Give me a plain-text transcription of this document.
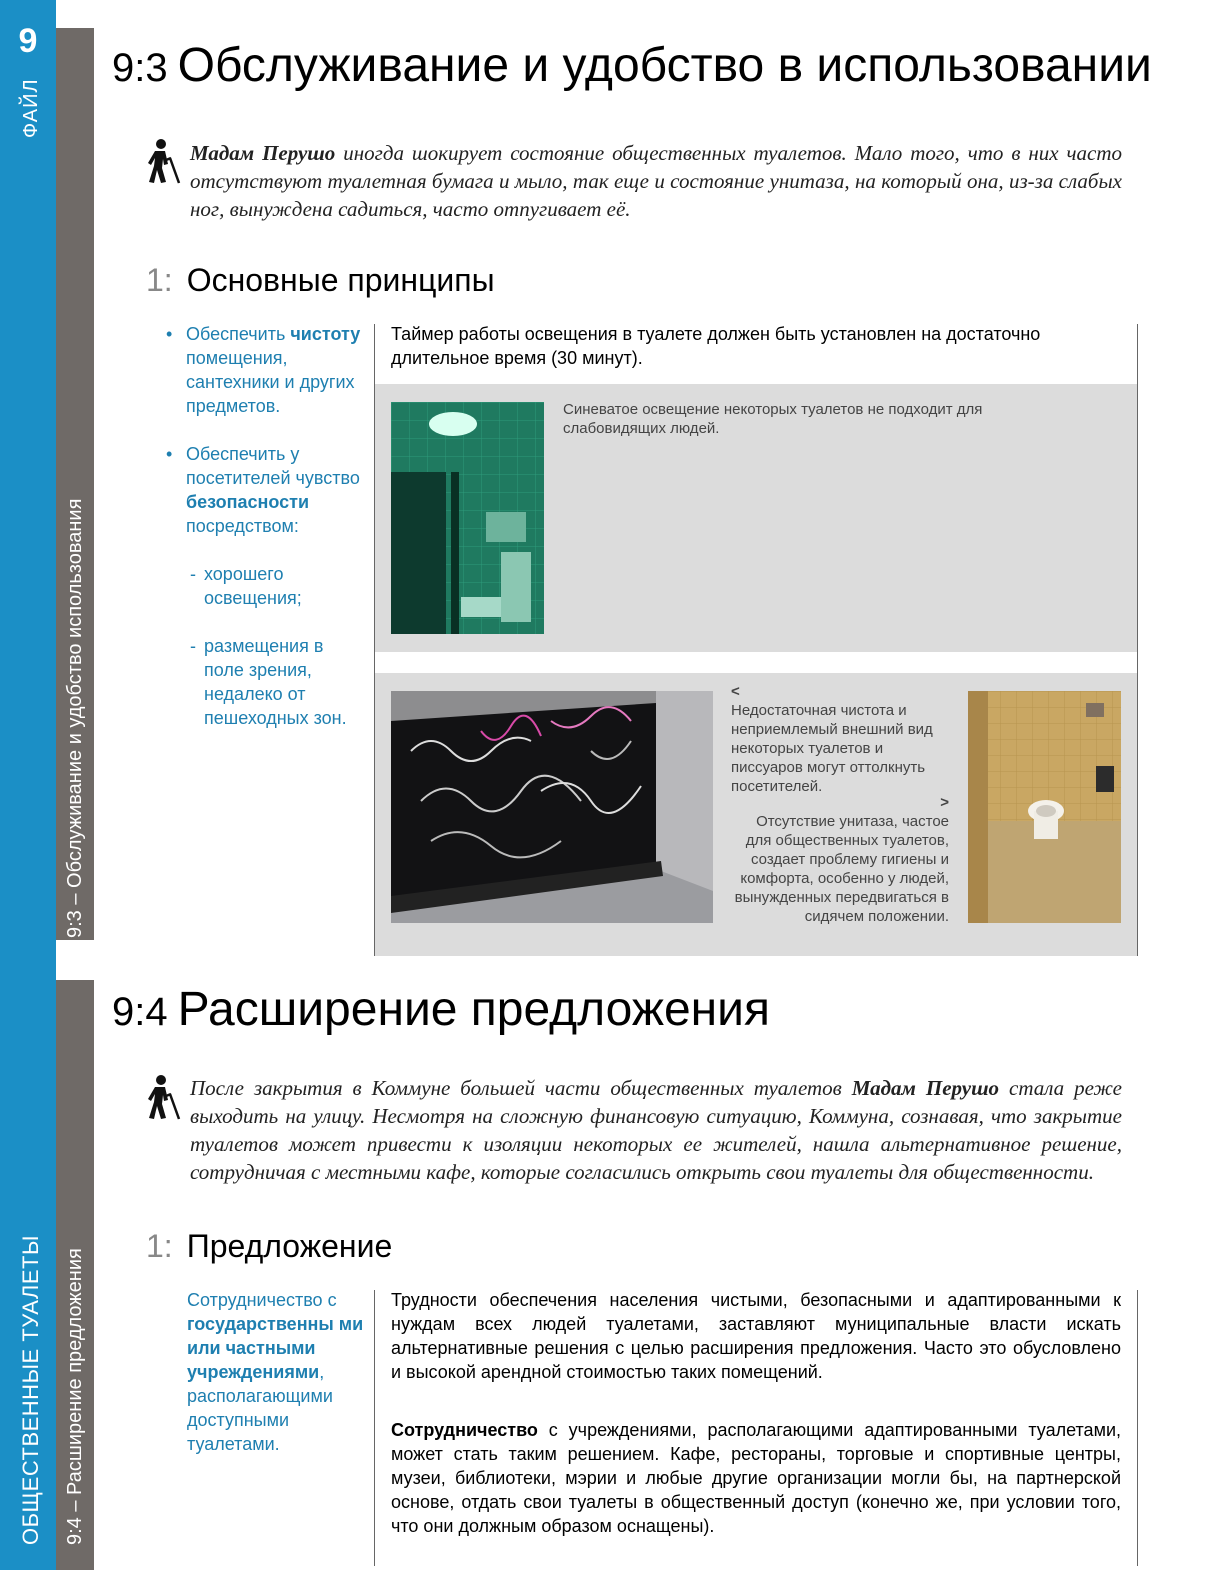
9
ФАЙЛ
ОБЩЕСТВЕННЫЕ ТУАЛЕТЫ
9:3 – Обслуживание и удобство использования
9:4 – Расширение предложения
9:3 Обслуживание и удобство в использовании
Мадам Перушо иногда шокирует состояние общественных туалетов. Мало того, что в них часто отсутствуют туалетная бумага и мыло, так еще и состояние унитаза, на который она, из-за слабых ног, вынуждена садиться, часто отпугивает её.
1: Основные принципы
• Обеспечить чистоту помещения, сантехники и других предметов.
• Обеспечить у посетителей чувство безопасности посредством:
- хорошего освещения;
- размещения в поле зрения, недалеко от пешеходных зон.
Таймер работы освещения в туалете должен быть установлен на достаточно длительное время (30 минут).
Синеватое освещение некоторых туалетов не подходит для слабовидящих людей.
<
Недостаточная чистота и неприемлемый внешний вид некоторых туалетов и писсуаров могут оттолкнуть посетителей.
>
Отсутствие унитаза, частое для общественных туалетов, создает проблему гигиены и комфорта, особенно у людей, вынужденных передвигаться в сидячем положении.
9:4 Расширение предложения
После закрытия в Коммуне большей части общественных туалетов Мадам Перушо стала реже выходить на улицу. Несмотря на сложную финансовую ситуацию, Коммуна, сознавая, что закрытие туалетов может привести к изоляции некоторых ее жителей, нашла альтернативное решение, сотрудничая с местными кафе, которые согласились открыть свои туалеты для общественности.
1: Предложение
Сотрудничество с государственны ми или частными учреждениями, располагающими доступными туалетами.
Трудности обеспечения населения чистыми, безопасными и адаптированными к нуждам всех людей туалетами, заставляют муниципальные власти искать альтернативные решения с целью расширения предложения. Часто это обусловлено и высокой арендной стоимостью таких помещений.
Сотрудничество с учреждениями, располагающими адаптированными туалетами, может стать таким решением. Кафе, рестораны, торговые и спортивные центры, музеи, библиотеки, мэрии и любые другие организации могли бы, на партнерской основе, отдать свои туалеты в общественный доступ (конечно же, при условии того, что они должным образом оснащены).
